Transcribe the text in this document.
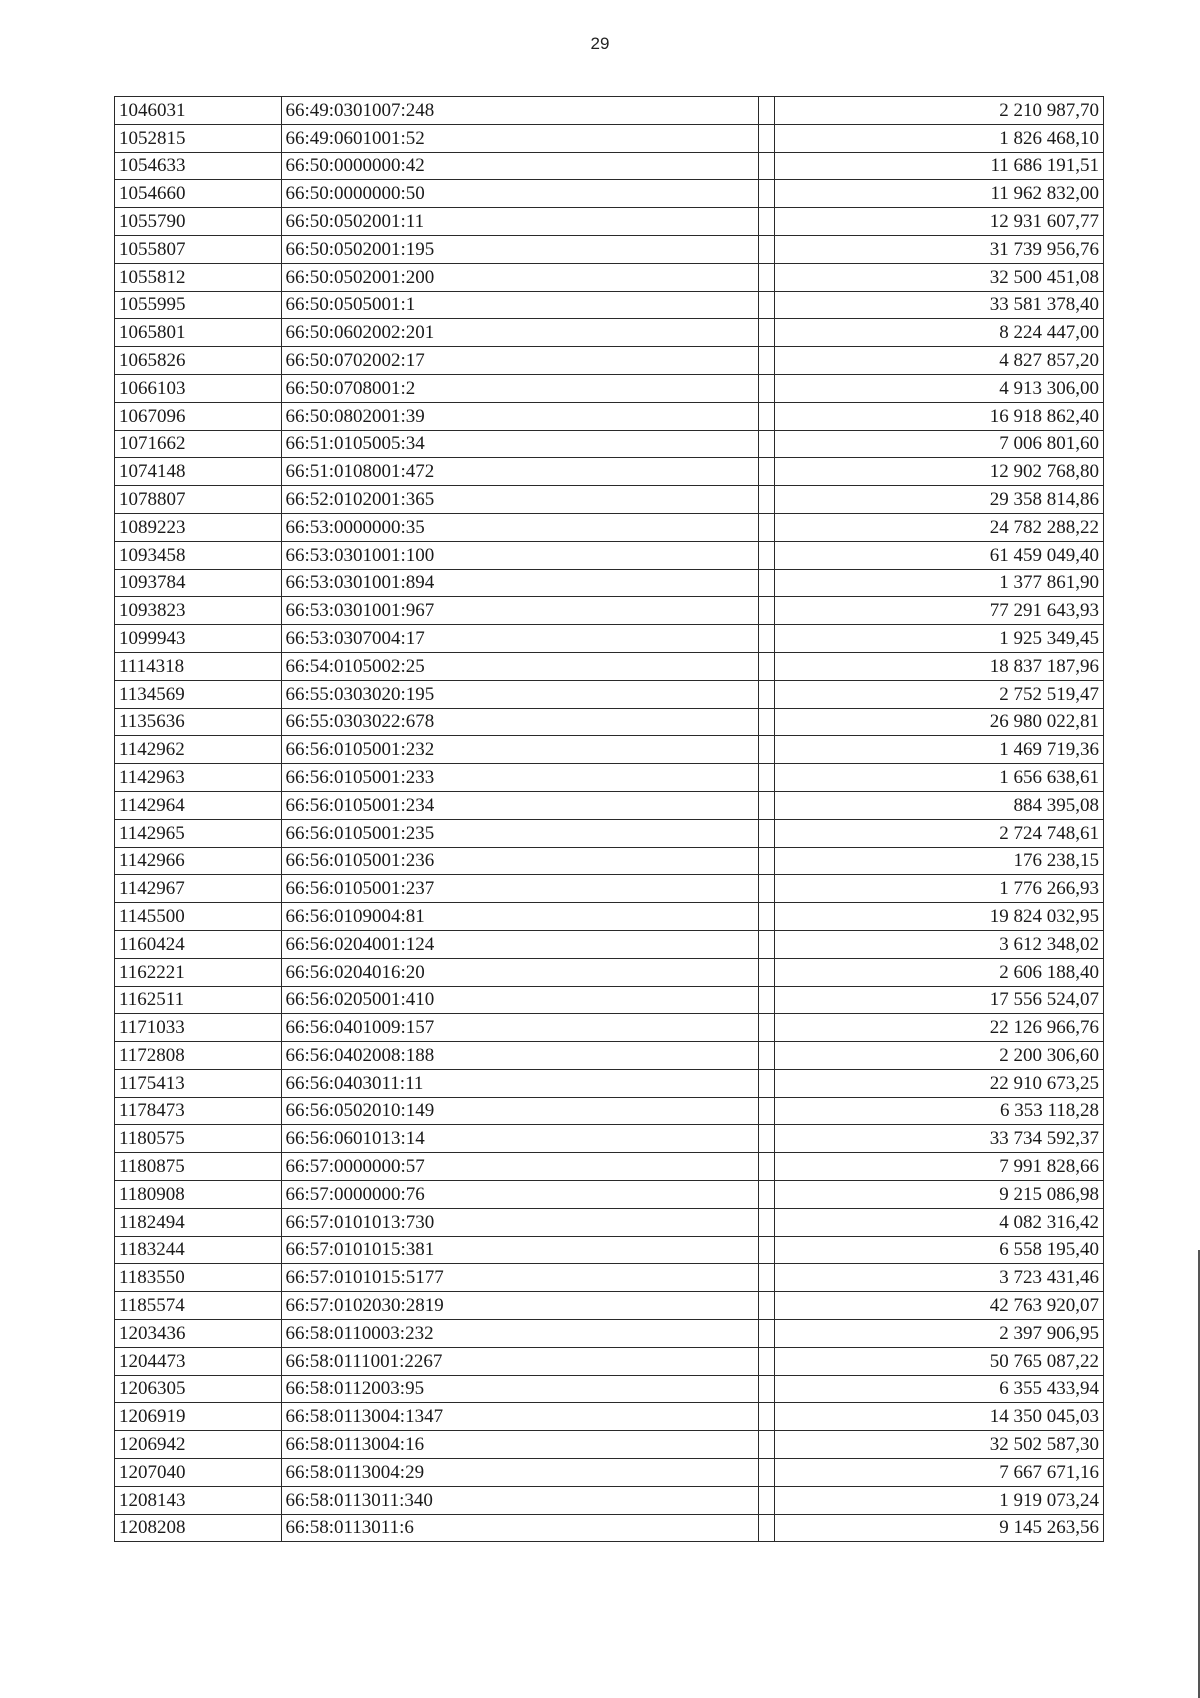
29
1046031	66:49:0301007:248		2 210 987,70
1052815	66:49:0601001:52		1 826 468,10
1054633	66:50:0000000:42		11 686 191,51
1054660	66:50:0000000:50		11 962 832,00
1055790	66:50:0502001:11		12 931 607,77
1055807	66:50:0502001:195		31 739 956,76
1055812	66:50:0502001:200		32 500 451,08
1055995	66:50:0505001:1		33 581 378,40
1065801	66:50:0602002:201		8 224 447,00
1065826	66:50:0702002:17		4 827 857,20
1066103	66:50:0708001:2		4 913 306,00
1067096	66:50:0802001:39		16 918 862,40
1071662	66:51:0105005:34		7 006 801,60
1074148	66:51:0108001:472		12 902 768,80
1078807	66:52:0102001:365		29 358 814,86
1089223	66:53:0000000:35		24 782 288,22
1093458	66:53:0301001:100		61 459 049,40
1093784	66:53:0301001:894		1 377 861,90
1093823	66:53:0301001:967		77 291 643,93
1099943	66:53:0307004:17		1 925 349,45
1114318	66:54:0105002:25		18 837 187,96
1134569	66:55:0303020:195		2 752 519,47
1135636	66:55:0303022:678		26 980 022,81
1142962	66:56:0105001:232		1 469 719,36
1142963	66:56:0105001:233		1 656 638,61
1142964	66:56:0105001:234		884 395,08
1142965	66:56:0105001:235		2 724 748,61
1142966	66:56:0105001:236		176 238,15
1142967	66:56:0105001:237		1 776 266,93
1145500	66:56:0109004:81		19 824 032,95
1160424	66:56:0204001:124		3 612 348,02
1162221	66:56:0204016:20		2 606 188,40
1162511	66:56:0205001:410		17 556 524,07
1171033	66:56:0401009:157		22 126 966,76
1172808	66:56:0402008:188		2 200 306,60
1175413	66:56:0403011:11		22 910 673,25
1178473	66:56:0502010:149		6 353 118,28
1180575	66:56:0601013:14		33 734 592,37
1180875	66:57:0000000:57		7 991 828,66
1180908	66:57:0000000:76		9 215 086,98
1182494	66:57:0101013:730		4 082 316,42
1183244	66:57:0101015:381		6 558 195,40
1183550	66:57:0101015:5177		3 723 431,46
1185574	66:57:0102030:2819		42 763 920,07
1203436	66:58:0110003:232		2 397 906,95
1204473	66:58:0111001:2267		50 765 087,22
1206305	66:58:0112003:95		6 355 433,94
1206919	66:58:0113004:1347		14 350 045,03
1206942	66:58:0113004:16		32 502 587,30
1207040	66:58:0113004:29		7 667 671,16
1208143	66:58:0113011:340		1 919 073,24
1208208	66:58:0113011:6		9 145 263,56
